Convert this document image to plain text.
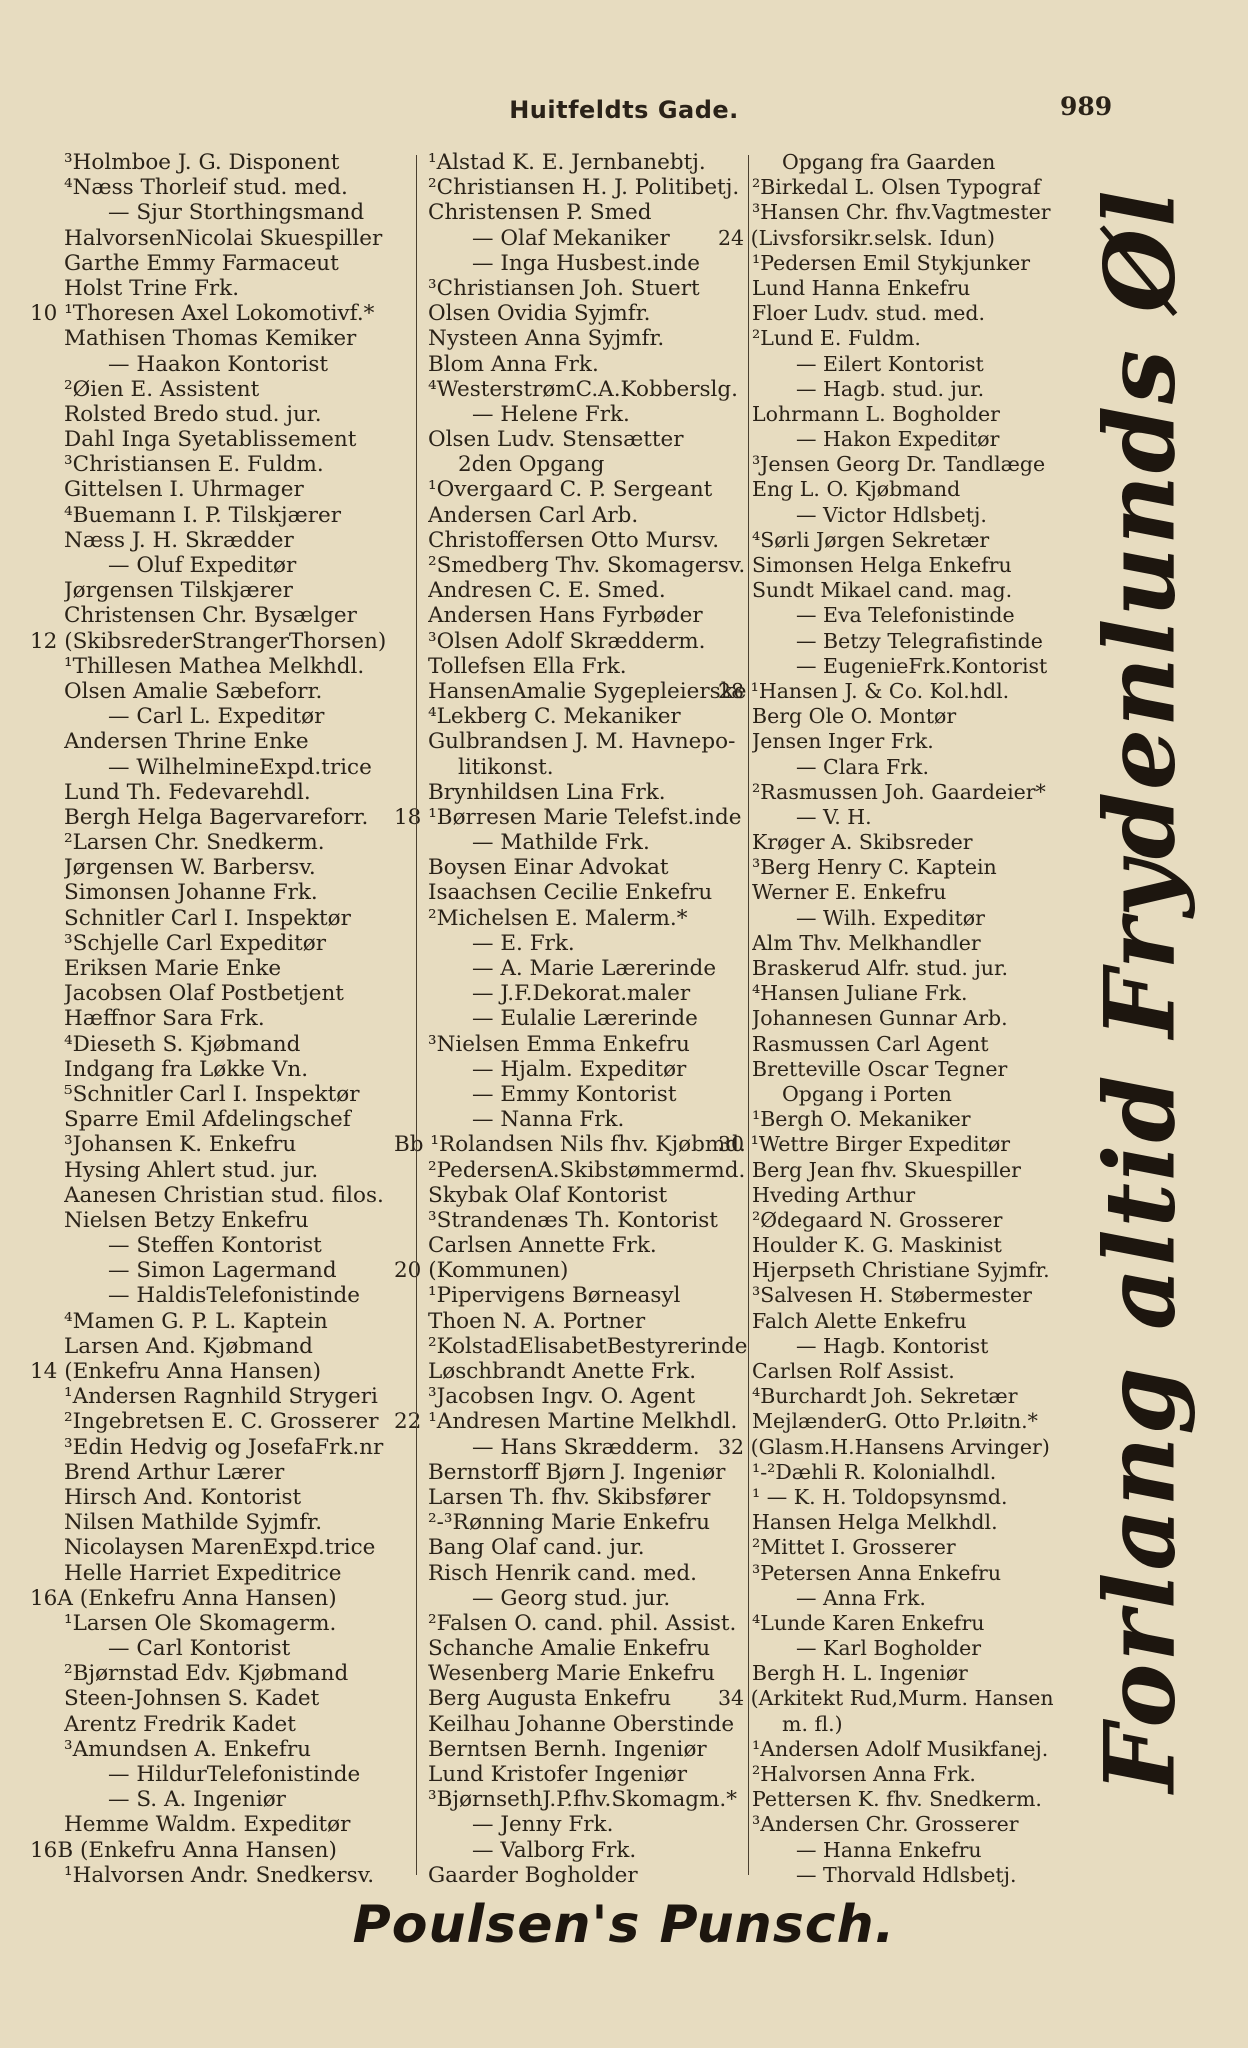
Huitfeldts Gade.	989
³Holmboe J. G. Disponent
⁴Næss Thorleif stud. med.
— Sjur Storthingsmand
HalvorsenNicolai Skuespiller
Garthe Emmy Farmaceut
Holst Trine Frk.
10 ¹Thoresen Axel Lokomotivf.*
Mathisen Thomas Kemiker
— Haakon Kontorist
²Øien E. Assistent
Rolsted Bredo stud. jur.
Dahl Inga Syetablissement
³Christiansen E. Fuldm.
Gittelsen I. Uhrmager
⁴Buemann I. P. Tilskjærer
Næss J. H. Skrædder
— Oluf Expeditør
Jørgensen Tilskjærer
Christensen Chr. Bysælger
12 (SkibsrederStrangerThorsen)
¹Thillesen Mathea Melkhdl.
Olsen Amalie Sæbeforr.
— Carl L. Expeditør
Andersen Thrine Enke
— WilhelmineExpd.trice
Lund Th. Fedevarehdl.
Bergh Helga Bagervareforr.
²Larsen Chr. Snedkerm.
Jørgensen W. Barbersv.
Simonsen Johanne Frk.
Schnitler Carl I. Inspektør
³Schjelle Carl Expeditør
Eriksen Marie Enke
Jacobsen Olaf Postbetjent
Hæffnor Sara Frk.
⁴Dieseth S. Kjøbmand
Indgang fra Løkke Vn.
⁵Schnitler Carl I. Inspektør
Sparre Emil Afdelingschef
³Johansen K. Enkefru
Hysing Ahlert stud. jur.
Aanesen Christian stud. filos.
Nielsen Betzy Enkefru
— Steffen Kontorist
— Simon Lagermand
— HaldisTelefonistinde
⁴Mamen G. P. L. Kaptein
Larsen And. Kjøbmand
14 (Enkefru Anna Hansen)
¹Andersen Ragnhild Strygeri
²Ingebretsen E. C. Grosserer
³Edin Hedvig og JosefaFrk.nr
Brend Arthur Lærer
Hirsch And. Kontorist
Nilsen Mathilde Syjmfr.
Nicolaysen MarenExpd.trice
Helle Harriet Expeditrice
16A (Enkefru Anna Hansen)
¹Larsen Ole Skomagerm.
— Carl Kontorist
²Bjørnstad Edv. Kjøbmand
Steen-Johnsen S. Kadet
Arentz Fredrik Kadet
³Amundsen A. Enkefru
— HildurTelefonistinde
— S. A. Ingeniør
Hemme Waldm. Expeditør
16B (Enkefru Anna Hansen)
¹Halvorsen Andr. Snedkersv.
¹Alstad K. E. Jernbanebtj.
²Christiansen H. J. Politibetj.
Christensen P. Smed
— Olaf Mekaniker
— Inga Husbest.inde
³Christiansen Joh. Stuert
Olsen Ovidia Syjmfr.
Nysteen Anna Syjmfr.
Blom Anna Frk.
⁴WesterstrømC.A.Kobberslg.
— Helene Frk.
Olsen Ludv. Stensætter
2den Opgang
¹Overgaard C. P. Sergeant
Andersen Carl Arb.
Christoffersen Otto Mursv.
²Smedberg Thv. Skomagersv.
Andresen C. E. Smed.
Andersen Hans Fyrbøder
³Olsen Adolf Skrædderm.
Tollefsen Ella Frk.
HansenAmalie Sygepleierske
⁴Lekberg C. Mekaniker
Gulbrandsen J. M. Havnepo-
litikonst.
Brynhildsen Lina Frk.
18 ¹Børresen Marie Telefst.inde
— Mathilde Frk.
Boysen Einar Advokat
Isaachsen Cecilie Enkefru
²Michelsen E. Malerm.*
— E. Frk.
— A. Marie Lærerinde
— J.F.Dekorat.maler
— Eulalie Lærerinde
³Nielsen Emma Enkefru
— Hjalm. Expeditør
— Emmy Kontorist
— Nanna Frk.
Bb ¹Rolandsen Nils fhv. Kjøbmd.
²PedersenA.Skibstømmermd.
Skybak Olaf Kontorist
³Strandenæs Th. Kontorist
Carlsen Annette Frk.
20 (Kommunen)
¹Pipervigens Børneasyl
Thoen N. A. Portner
²KolstadElisabetBestyrerinde
Løschbrandt Anette Frk.
³Jacobsen Ingv. O. Agent
22 ¹Andresen Martine Melkhdl.
— Hans Skrædderm.
Bernstorff Bjørn J. Ingeniør
Larsen Th. fhv. Skibsfører
²-³Rønning Marie Enkefru
Bang Olaf cand. jur.
Risch Henrik cand. med.
— Georg stud. jur.
²Falsen O. cand. phil. Assist.
Schanche Amalie Enkefru
Wesenberg Marie Enkefru
Berg Augusta Enkefru
Keilhau Johanne Oberstinde
Berntsen Bernh. Ingeniør
Lund Kristofer Ingeniør
³BjørnsethJ.P.fhv.Skomagm.*
— Jenny Frk.
— Valborg Frk.
Gaarder Bogholder
Opgang fra Gaarden
²Birkedal L. Olsen Typograf
³Hansen Chr. fhv.Vagtmester
24 (Livsforsikr.selsk. Idun)
¹Pedersen Emil Stykjunker
Lund Hanna Enkefru
Floer Ludv. stud. med.
²Lund E. Fuldm.
— Eilert Kontorist
— Hagb. stud. jur.
Lohrmann L. Bogholder
— Hakon Expeditør
³Jensen Georg Dr. Tandlæge
Eng L. O. Kjøbmand
— Victor Hdlsbetj.
⁴Sørli Jørgen Sekretær
Simonsen Helga Enkefru
Sundt Mikael cand. mag.
— Eva Telefonistinde
— Betzy Telegrafistinde
— EugenieFrk.Kontorist
28 ¹Hansen J. & Co. Kol.hdl.
Berg Ole O. Montør
Jensen Inger Frk.
— Clara Frk.
²Rasmussen Joh. Gaardeier*
— V. H.
Krøger A. Skibsreder
³Berg Henry C. Kaptein
Werner E. Enkefru
— Wilh. Expeditør
Alm Thv. Melkhandler
Braskerud Alfr. stud. jur.
⁴Hansen Juliane Frk.
Johannesen Gunnar Arb.
Rasmussen Carl Agent
Bretteville Oscar Tegner
Opgang i Porten
¹Bergh O. Mekaniker
30 ¹Wettre Birger Expeditør
Berg Jean fhv. Skuespiller
Hveding Arthur
²Ødegaard N. Grosserer
Houlder K. G. Maskinist
Hjerpseth Christiane Syjmfr.
³Salvesen H. Støbermester
Falch Alette Enkefru
— Hagb. Kontorist
Carlsen Rolf Assist.
⁴Burchardt Joh. Sekretær
MejlænderG. Otto Pr.løitn.*
32 (Glasm.H.Hansens Arvinger)
¹-²Dæhli R. Kolonialhdl.
¹ — K. H. Toldopsynsmd.
Hansen Helga Melkhdl.
²Mittet I. Grosserer
³Petersen Anna Enkefru
— Anna Frk.
⁴Lunde Karen Enkefru
— Karl Bogholder
Bergh H. L. Ingeniør
34 (Arkitekt Rud,Murm. Hansen
m. fl.)
¹Andersen Adolf Musikfanej.
²Halvorsen Anna Frk.
Pettersen K. fhv. Snedkerm.
³Andersen Chr. Grosserer
— Hanna Enkefru
— Thorvald Hdlsbetj.
Forlang altid Frydenlunds Øl
Poulsen's Punsch.
